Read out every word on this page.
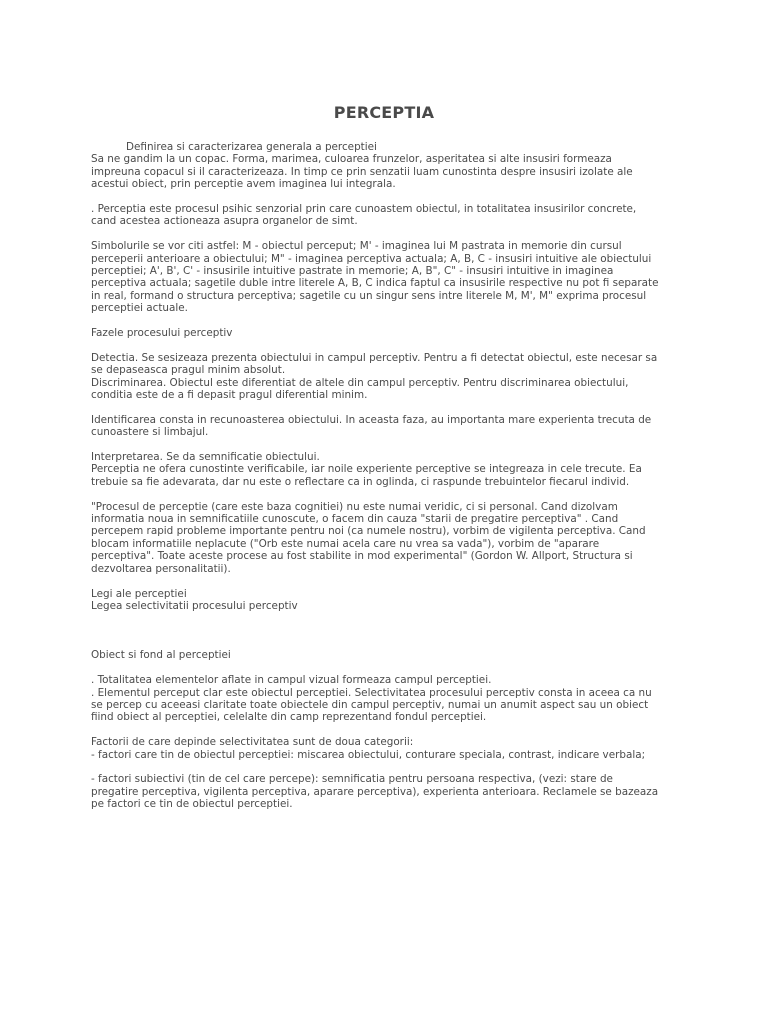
PERCEPTIA

Definirea si caracterizarea generala a perceptiei

Sa ne gandim la un copac. Forma, marimea, culoarea frunzelor, asperitatea si alte insusiri formeaza
impreuna copacul si il caracterizeaza. In timp ce prin senzatii luam cunostinta despre insusiri izolate ale
acestui obiect, prin perceptie avem imaginea lui integrala.

. Perceptia este procesul psihic senzorial prin care cunoastem obiectul, in totalitatea insusirilor concrete,
cand acestea actioneaza asupra organelor de simt.

Simbolurile se vor citi astfel: M - obiectul perceput; M' - imaginea lui M pastrata in memorie din cursul
perceperii anterioare a obiectului; M" - imaginea perceptiva actuala; A, B, C - insusiri intuitive ale obiectului
perceptiei; A', B', C' - insusirile intuitive pastrate in memorie; A, B", C" - insusiri intuitive in imaginea
perceptiva actuala; sagetile duble intre literele A, B, C indica faptul ca insusirile respective nu pot fi separate
in real, formand o structura perceptiva; sagetile cu un singur sens intre literele M, M', M" exprima procesul
perceptiei actuale.

Fazele procesului perceptiv

Detectia. Se sesizeaza prezenta obiectului in campul perceptiv. Pentru a fi detectat obiectul, este necesar sa
se depaseasca pragul minim absolut.
Discriminarea. Obiectul este diferentiat de altele din campul perceptiv. Pentru discriminarea obiectului,
conditia este de a fi depasit pragul diferential minim.

Identificarea consta in recunoasterea obiectului. In aceasta faza, au importanta mare experienta trecuta de
cunoastere si limbajul.

Interpretarea. Se da semnificatie obiectului.
Perceptia ne ofera cunostinte verificabile, iar noile experiente perceptive se integreaza in cele trecute. Ea
trebuie sa fie adevarata, dar nu este o reflectare ca in oglinda, ci raspunde trebuintelor fiecarul individ.

"Procesul de perceptie (care este baza cognitiei) nu este numai veridic, ci si personal. Cand dizolvam
informatia noua in semnificatiile cunoscute, o facem din cauza "starii de pregatire perceptiva" . Cand
percepem rapid probleme importante pentru noi (ca numele nostru), vorbim de vigilenta perceptiva. Cand
blocam informatiile neplacute ("Orb este numai acela care nu vrea sa vada"), vorbim de "aparare
perceptiva". Toate aceste procese au fost stabilite in mod experimental" (Gordon W. Allport, Structura si
dezvoltarea personalitatii).

Legi ale perceptiei
Legea selectivitatii procesului perceptiv

Obiect si fond al perceptiei

. Totalitatea elementelor aflate in campul vizual formeaza campul perceptiei.
. Elementul perceput clar este obiectul perceptiei. Selectivitatea procesului perceptiv consta in aceea ca nu
se percep cu aceeasi claritate toate obiectele din campul perceptiv, numai un anumit aspect sau un obiect
fiind obiect al perceptiei, celelalte din camp reprezentand fondul perceptiei.

Factorii de care depinde selectivitatea sunt de doua categorii:
- factori care tin de obiectul perceptiei: miscarea obiectului, conturare speciala, contrast, indicare verbala;

- factori subiectivi (tin de cel care percepe): semnificatia pentru persoana respectiva, (vezi: stare de
pregatire perceptiva, vigilenta perceptiva, aparare perceptiva), experienta anterioara. Reclamele se bazeaza
pe factori ce tin de obiectul perceptiei.
